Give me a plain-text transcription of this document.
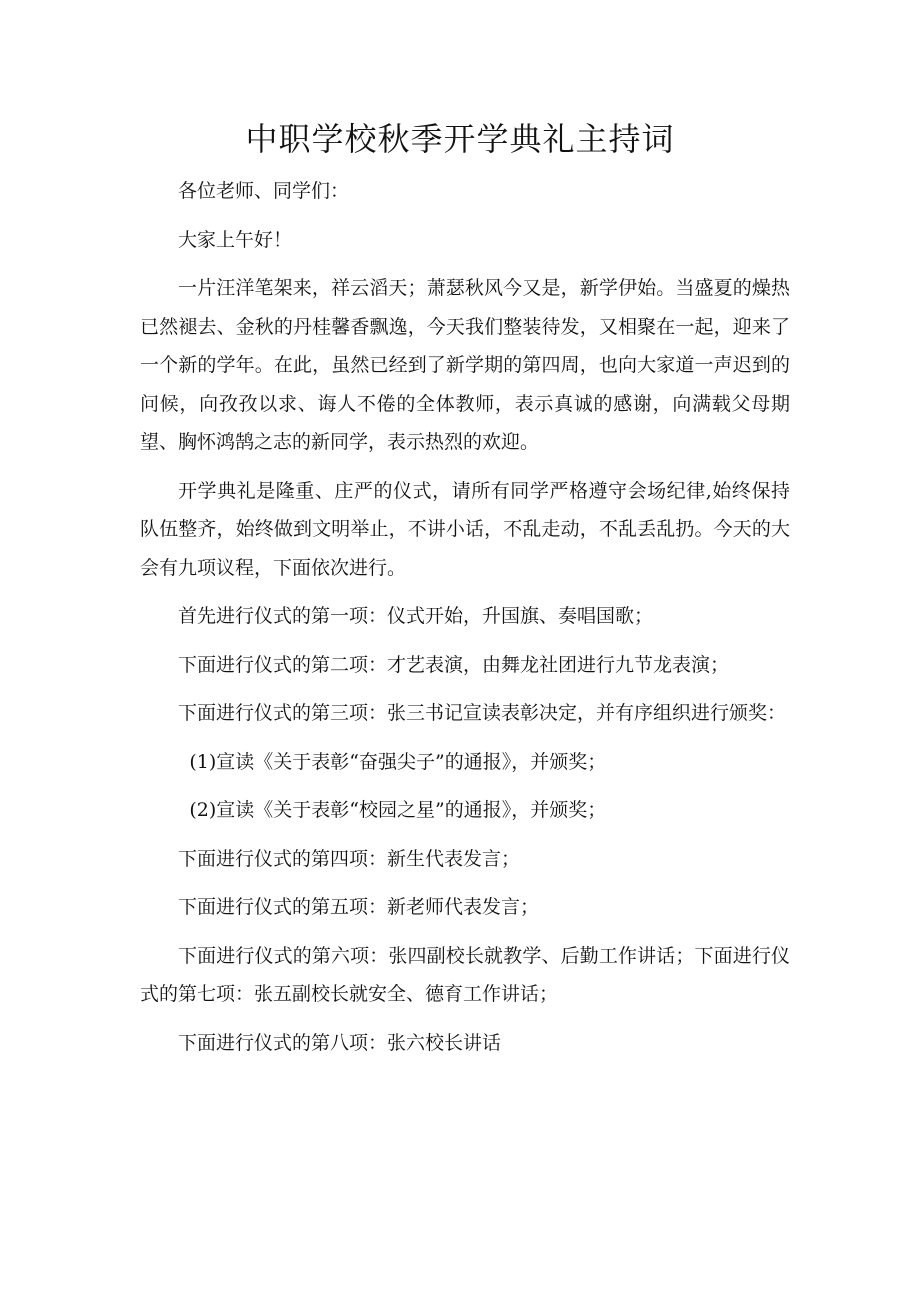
中职学校秋季开学典礼主持词

各位老师、同学们：

大家上午好！

一片汪洋笔架来，祥云滔天；萧瑟秋风今又是，新学伊始。当盛夏的燥热已然褪去、金秋的丹桂馨香飘逸，今天我们整装待发，又相聚在一起，迎来了一个新的学年。在此，虽然已经到了新学期的第四周，也向大家道一声迟到的问候，向孜孜以求、诲人不倦的全体教师，表示真诚的感谢，向满载父母期望、胸怀鸿鹄之志的新同学，表示热烈的欢迎。

开学典礼是隆重、庄严的仪式，请所有同学严格遵守会场纪律,始终保持队伍整齐，始终做到文明举止，不讲小话，不乱走动，不乱丢乱扔。今天的大会有九项议程，下面依次进行。

首先进行仪式的第一项：仪式开始，升国旗、奏唱国歌；

下面进行仪式的第二项：才艺表演，由舞龙社团进行九节龙表演；

下面进行仪式的第三项：张三书记宣读表彰决定，并有序组织进行颁奖：

(1)宣读《关于表彰“奋强尖子”的通报》，并颁奖；

(2)宣读《关于表彰“校园之星”的通报》，并颁奖；

下面进行仪式的第四项：新生代表发言；

下面进行仪式的第五项：新老师代表发言；

下面进行仪式的第六项：张四副校长就教学、后勤工作讲话；下面进行仪式的第七项：张五副校长就安全、德育工作讲话；

下面进行仪式的第八项：张六校长讲话
